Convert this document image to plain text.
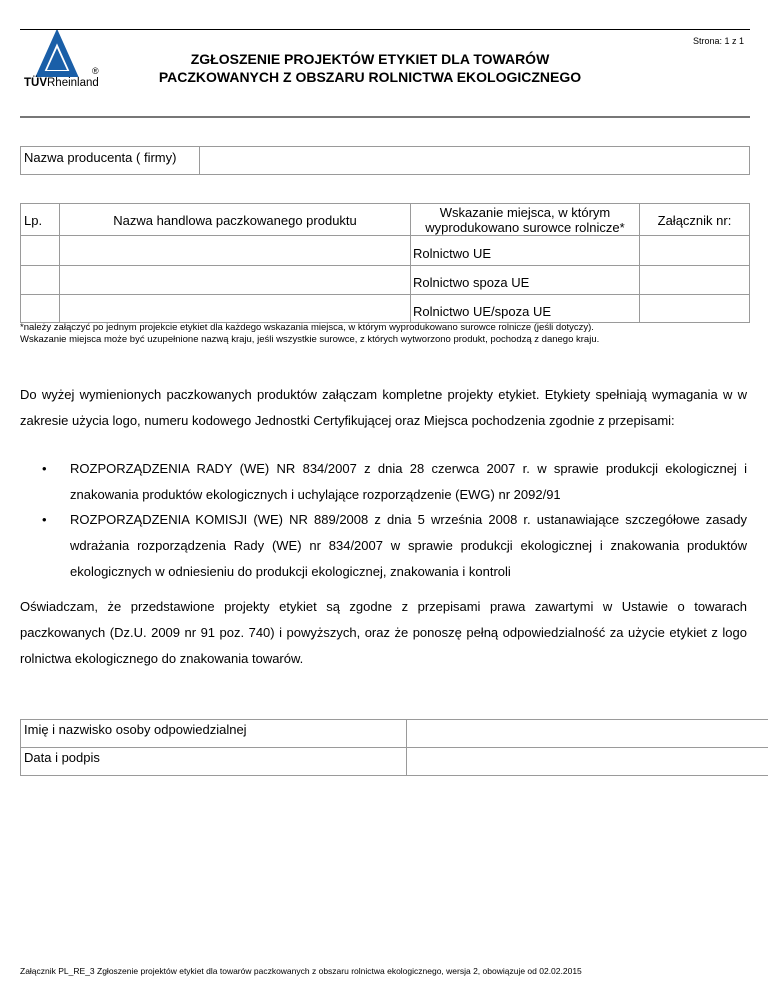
®
TÜVRheinland
Strona: 1 z 1
ZGŁOSZENIE PROJEKTÓW ETYKIET DLA TOWARÓW
PACZKOWANYCH Z OBSZARU ROLNICTWA EKOLOGICZNEGO
Nazwa producenta ( firmy)	
Lp.	Nazwa handlowa paczkowanego produktu	Wskazanie miejsca, w którym wyprodukowano surowce rolnicze*	Załącznik nr:
		Rolnictwo UE	
		Rolnictwo spoza UE	
		Rolnictwo UE/spoza UE	
*należy załączyć po jednym projekcie etykiet dla każdego wskazania miejsca, w którym wyprodukowano surowce rolnicze (jeśli dotyczy).
Wskazanie miejsca może być uzupełnione nazwą kraju, jeśli wszystkie surowce, z których wytworzono produkt, pochodzą z danego kraju.
Do wyżej wymienionych paczkowanych produktów załączam kompletne projekty etykiet. Etykiety spełniają wymagania w w zakresie użycia logo, numeru kodowego Jednostki Certyfikującej oraz Miejsca pochodzenia zgodnie z przepisami:
• ROZPORZĄDZENIA RADY (WE) NR 834/2007 z dnia 28 czerwca 2007 r. w sprawie produkcji ekologicznej i znakowania produktów ekologicznych i uchylające rozporządzenie (EWG) nr 2092/91
• ROZPORZĄDZENIA KOMISJI (WE) NR 889/2008 z dnia 5 września 2008 r. ustanawiające szczegółowe zasady wdrażania rozporządzenia Rady (WE) nr 834/2007 w sprawie produkcji ekologicznej i znakowania produktów ekologicznych w odniesieniu do produkcji ekologicznej, znakowania i kontroli
Oświadczam, że przedstawione projekty etykiet są zgodne z przepisami prawa zawartymi w Ustawie o towarach paczkowanych (Dz.U. 2009 nr 91 poz. 740) i powyższych, oraz że ponoszę pełną odpowiedzialność za użycie etykiet z logo rolnictwa ekologicznego do znakowania towarów.
Imię i nazwisko osoby odpowiedzialnej	
Data i podpis	
Załącznik PL_RE_3 Zgłoszenie projektów etykiet dla towarów paczkowanych z obszaru rolnictwa ekologicznego, wersja 2, obowiązuje od 02.02.2015
